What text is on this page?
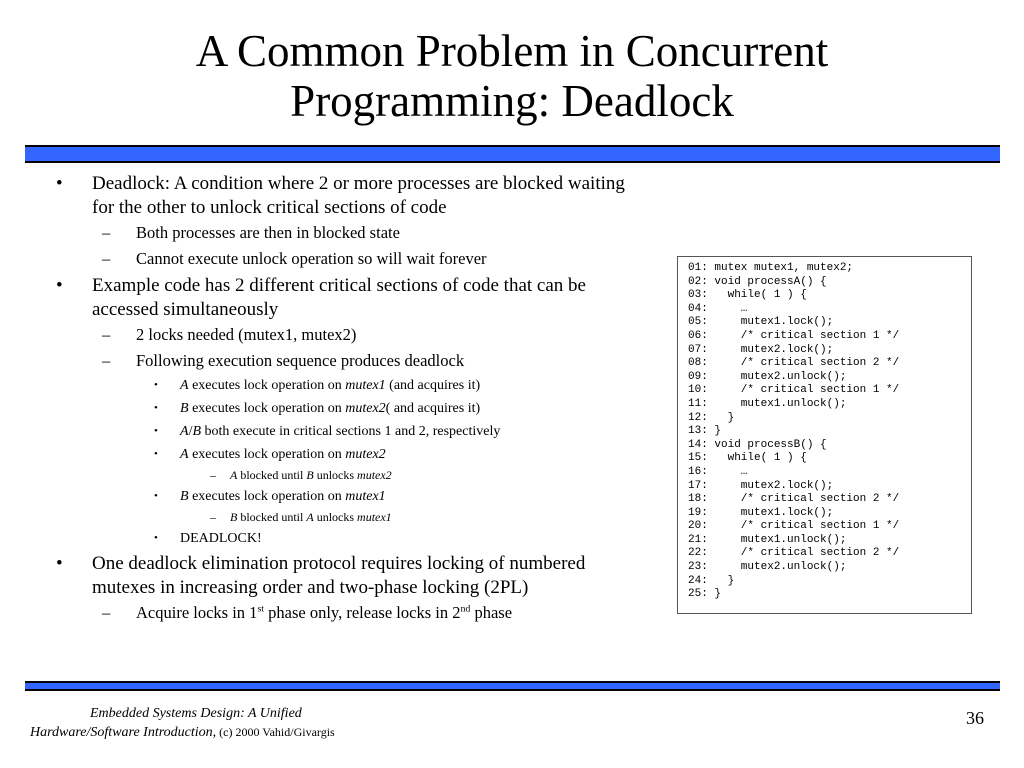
A Common Problem in Concurrent
Programming: Deadlock
• Deadlock: A condition where 2 or more processes are blocked waiting for the other to unlock critical sections of code
– Both processes are then in blocked state
– Cannot execute unlock operation so will wait forever
• Example code has 2 different critical sections of code that can be accessed simultaneously
– 2 locks needed (mutex1, mutex2)
– Following execution sequence produces deadlock
• A executes lock operation on mutex1 (and acquires it)
• B executes lock operation on mutex2( and acquires it)
• A/B both execute in critical sections 1 and 2, respectively
• A executes lock operation on mutex2
– A blocked until B unlocks mutex2
• B executes lock operation on mutex1
– B blocked until A unlocks mutex1
• DEADLOCK!
• One deadlock elimination protocol requires locking of numbered mutexes in increasing order and two-phase locking (2PL)
– Acquire locks in 1st phase only, release locks in 2nd phase
01: mutex mutex1, mutex2;
02: void processA() {
03:   while( 1 ) {
04:     …
05:     mutex1.lock();
06:     /* critical section 1 */
07:     mutex2.lock();
08:     /* critical section 2 */
09:     mutex2.unlock();
10:     /* critical section 1 */
11:     mutex1.unlock();
12:   }
13: }
14: void processB() {
15:   while( 1 ) {
16:     …
17:     mutex2.lock();
18:     /* critical section 2 */
19:     mutex1.lock();
20:     /* critical section 1 */
21:     mutex1.unlock();
22:     /* critical section 2 */
23:     mutex2.unlock();
24:   }
25: }
Embedded Systems Design: A Unified
Hardware/Software Introduction, (c) 2000 Vahid/Givargis
36
